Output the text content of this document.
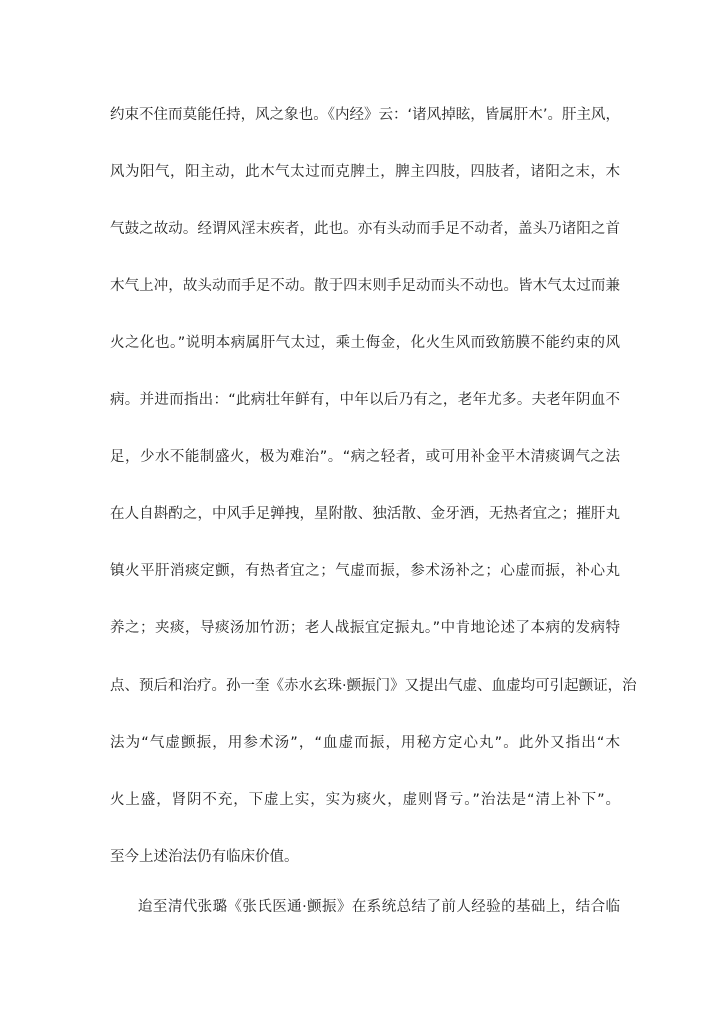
约束不住而莫能任持，风之象也。《内经》云：‘诸风掉眩，皆属肝木’。肝主风，
风为阳气，阳主动，此木气太过而克脾土，脾主四肢，四肢者，诸阳之末，木
气鼓之故动。经谓风淫末疾者，此也。亦有头动而手足不动者，盖头乃诸阳之首
木气上冲，故头动而手足不动。散于四末则手足动而头不动也。皆木气太过而兼
火之化也。”说明本病属肝气太过，乘土侮金，化火生风而致筋膜不能约束的风
病。并进而指出：“此病壮年鲜有，中年以后乃有之，老年尤多。夫老年阴血不
足，少水不能制盛火，极为难治”。“病之轻者，或可用补金平木清痰调气之法
在人自斟酌之，中风手足亸拽，星附散、独活散、金牙酒，无热者宜之；摧肝丸
镇火平肝消痰定颤，有热者宜之；气虚而振，参术汤补之；心虚而振，补心丸
养之；夹痰，导痰汤加竹沥；老人战振宜定振丸。”中肯地论述了本病的发病特
点、预后和治疗。孙一奎《赤水玄珠·颤振门》又提出气虚、血虚均可引起颤证，治
法为“气虚颤振，用参术汤”，“血虚而振，用秘方定心丸”。此外又指出“木
火上盛，肾阴不充，下虚上实，实为痰火，虚则肾亏。”治法是“清上补下”。
至今上述治法仍有临床价值。
迨至清代张璐《张氏医通·颤振》在系统总结了前人经验的基础上，结合临
